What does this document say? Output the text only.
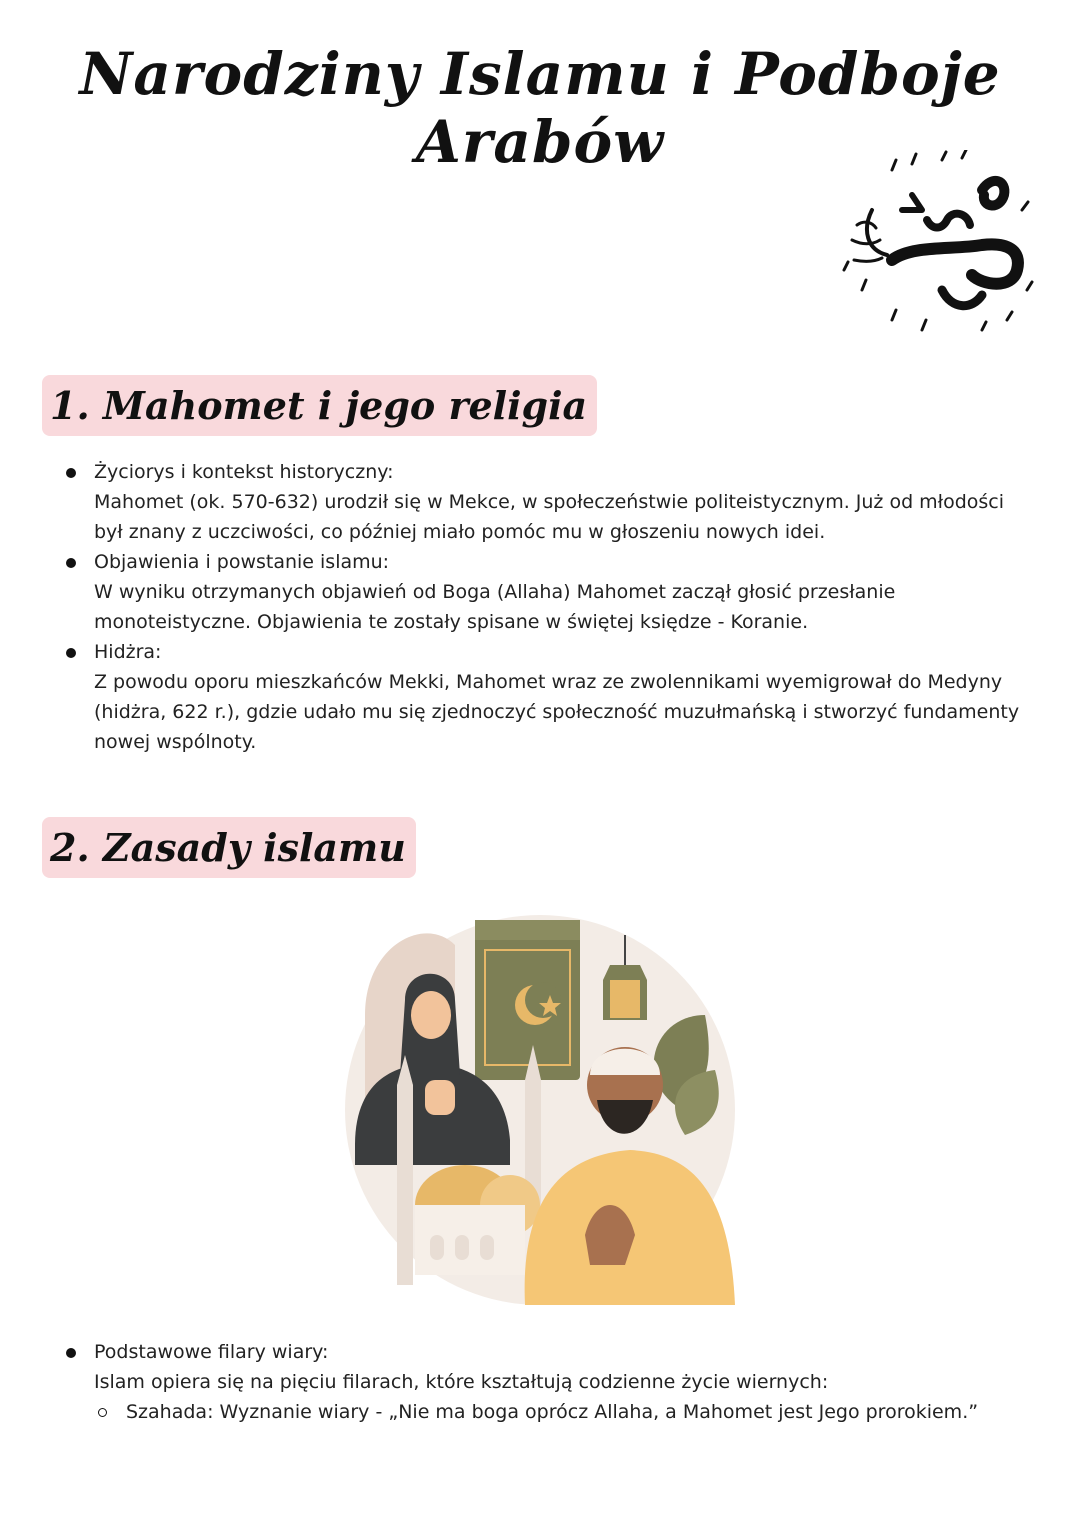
Narodziny Islamu i Podboje Arabów
1. Mahomet i jego religia
Życiorys i kontekst historyczny:
Mahomet (ok. 570-632) urodził się w Mekce, w społeczeństwie politeistycznym. Już od młodości był znany z uczciwości, co później miało pomóc mu w głoszeniu nowych idei.
Objawienia i powstanie islamu:
W wyniku otrzymanych objawień od Boga (Allaha) Mahomet zaczął głosić przesłanie monoteistyczne. Objawienia te zostały spisane w świętej księdze - Koranie.
Hidżra:
Z powodu oporu mieszkańców Mekki, Mahomet wraz ze zwolennikami wyemigrował do Medyny (hidżra, 622 r.), gdzie udało mu się zjednoczyć społeczność muzułmańską i stworzyć fundamenty nowej wspólnoty.
2. Zasady islamu
Podstawowe filary wiary:
Islam opiera się na pięciu filarach, które kształtują codzienne życie wiernych:
Szahada: Wyznanie wiary - „Nie ma boga oprócz Allaha, a Mahomet jest Jego prorokiem.”
